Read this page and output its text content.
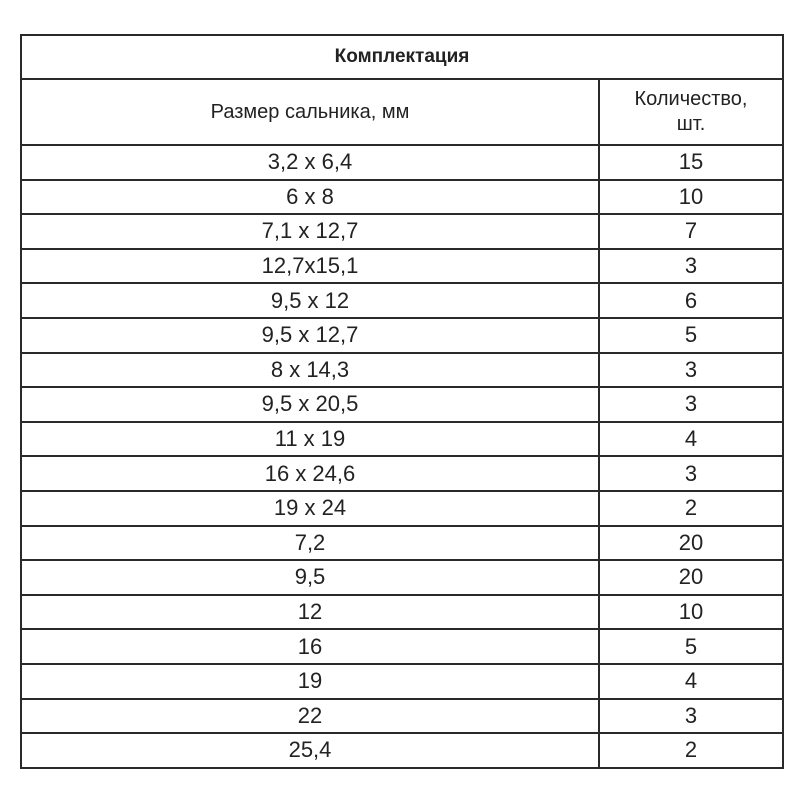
Комплектация	
Размер сальника, мм	Количество,
шт.
3,2 х 6,4	15
6 х 8	10
7,1 х 12,7	7
12,7х15,1	3
9,5 х 12	6
9,5 х 12,7	5
8 х 14,3	3
9,5 х 20,5	3
11 х 19	4
16 х 24,6	3
19 х 24	2
7,2	20
9,5	20
12	10
16	5
19	4
22	3
25,4	2
